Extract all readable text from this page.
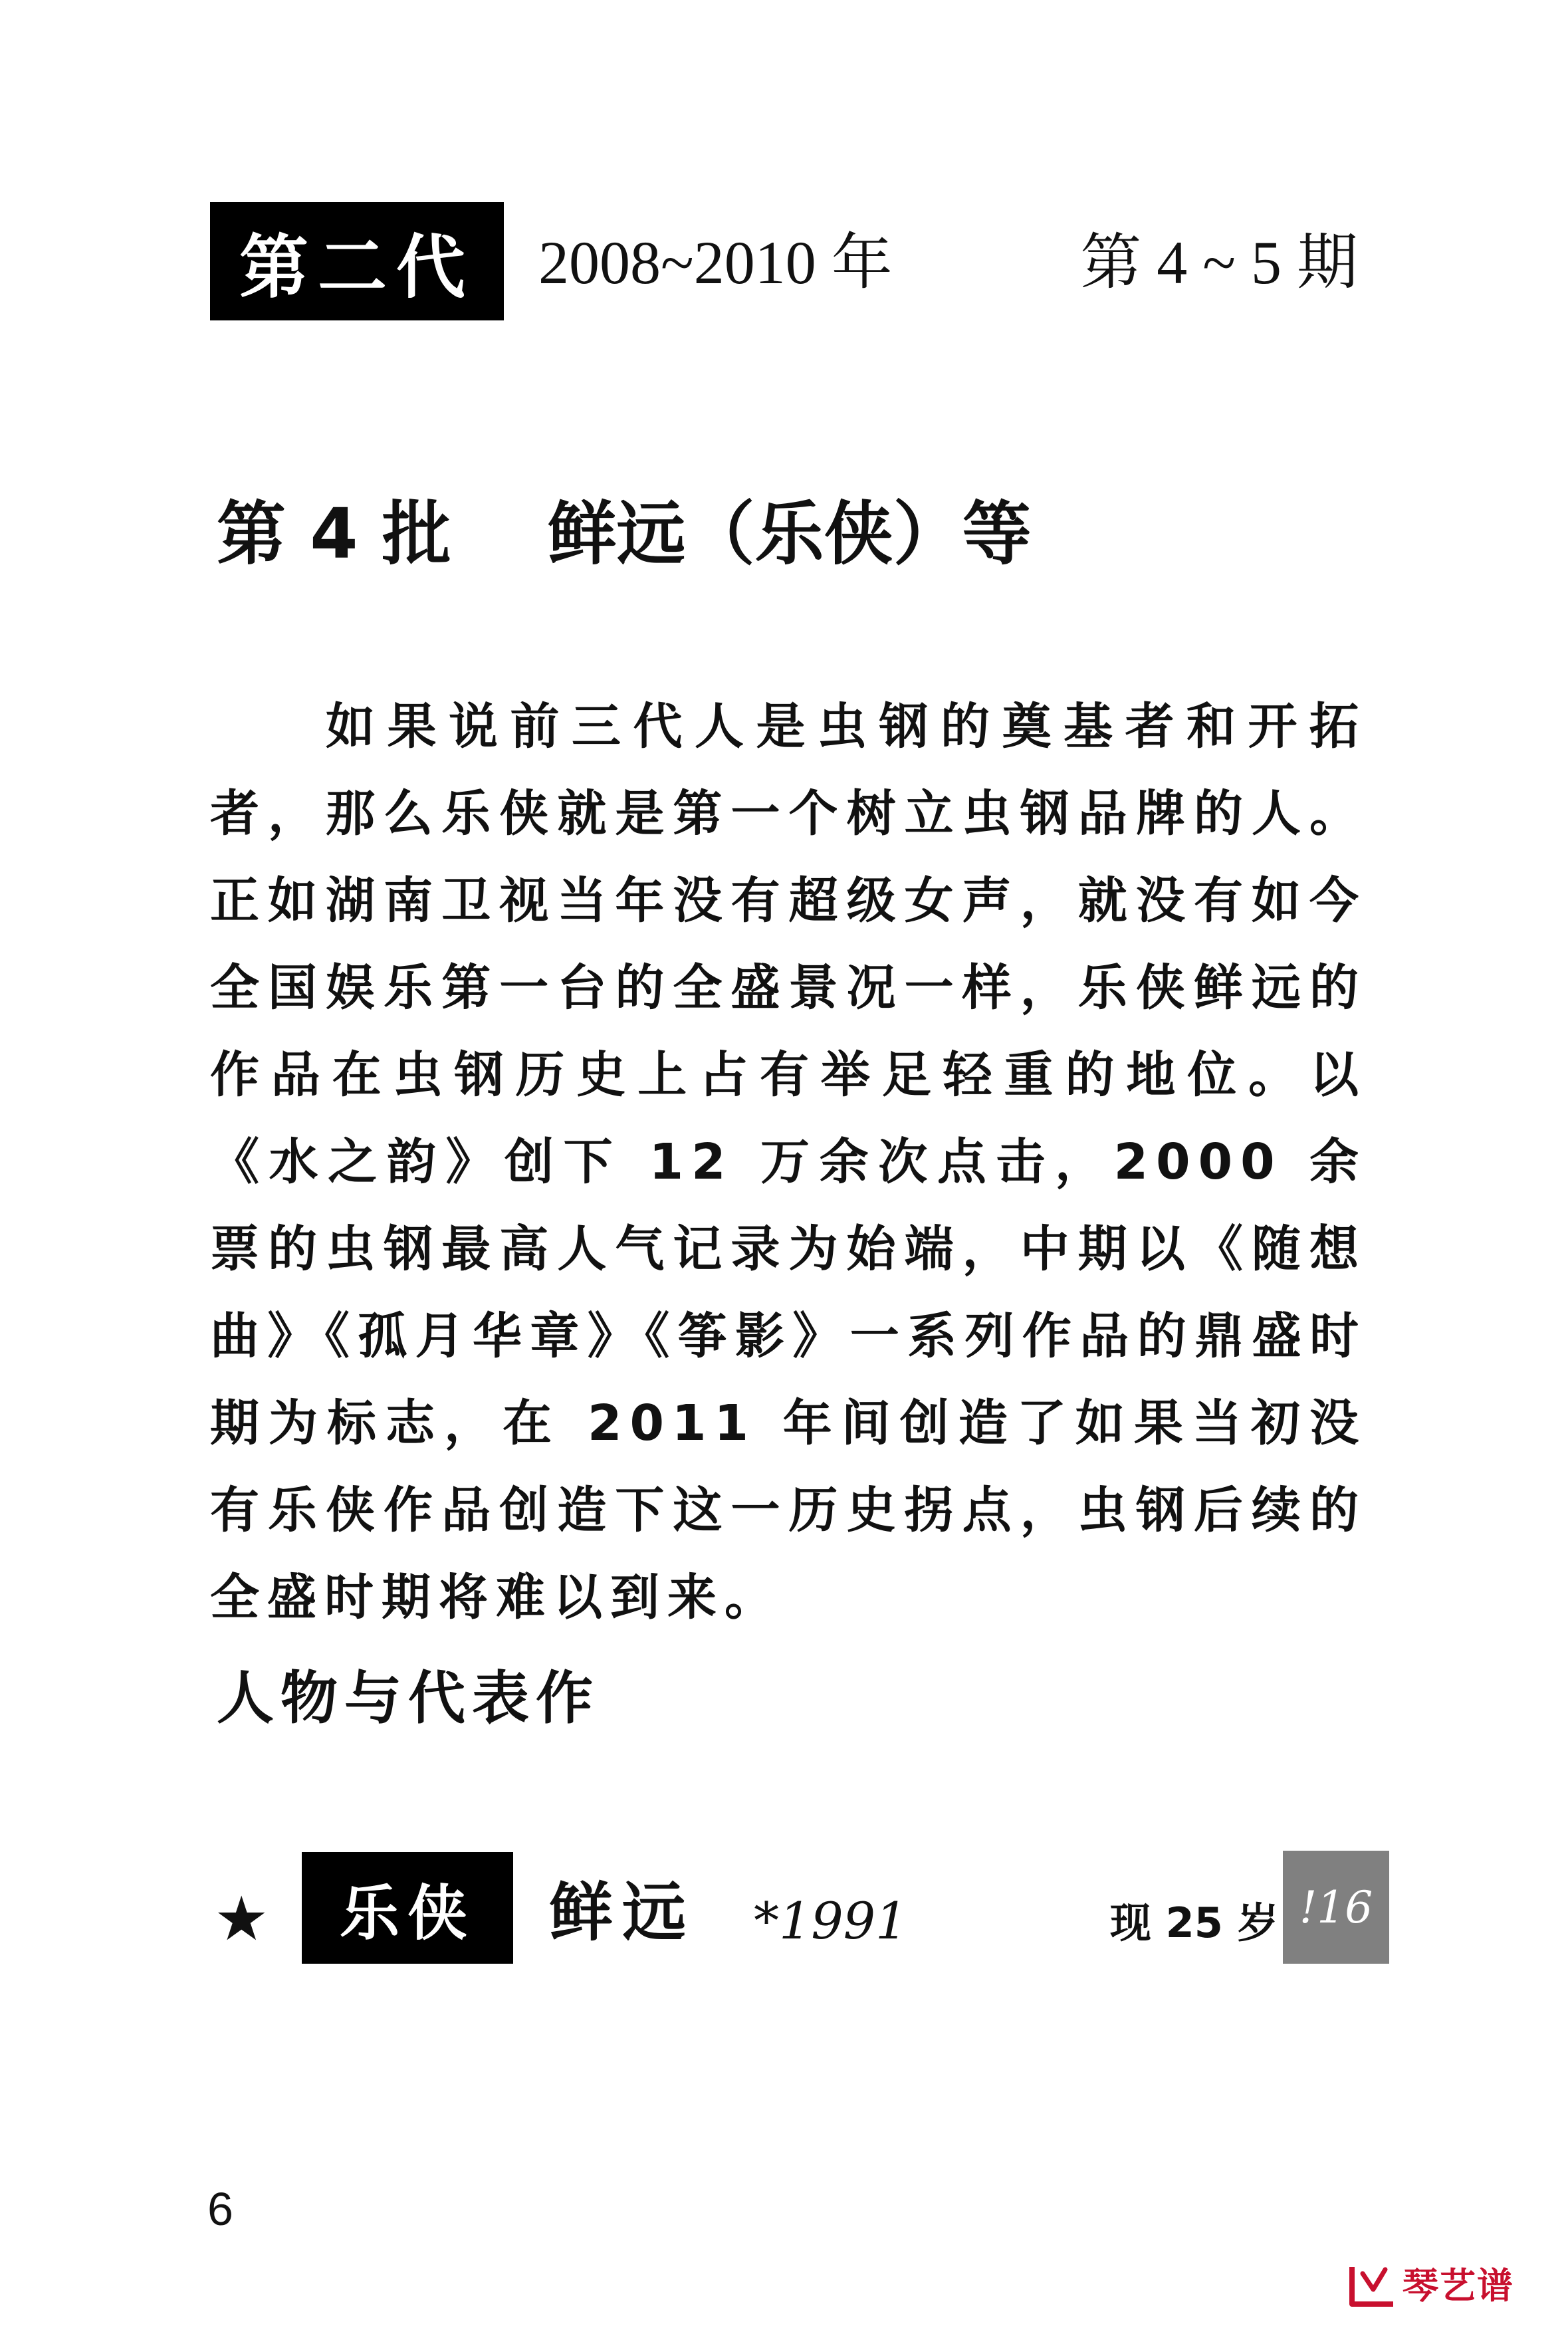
第二代	2008~2010 年	第 4 ~ 5 期
第 4 批    鲜远（乐侠）等
如果说前三代人是虫钢的奠基者和开拓者，那么乐侠就是第一个树立虫钢品牌的人。正如湖南卫视当年没有超级女声，就没有如今全国娱乐第一台的全盛景况一样，乐侠鲜远的作品在虫钢历史上占有举足轻重的地位。以《水之韵》创下 12 万余次点击，2000 余票的虫钢最高人气记录为始端，中期以《随想曲》《孤月华章》《筝影》一系列作品的鼎盛时期为标志，在 2011 年间创造了如果当初没有乐侠作品创造下这一历史拐点，虫钢后续的全盛时期将难以到来。
人物与代表作
★	乐侠	鲜远 *1991	现 25 岁 !16
6
琴艺谱
